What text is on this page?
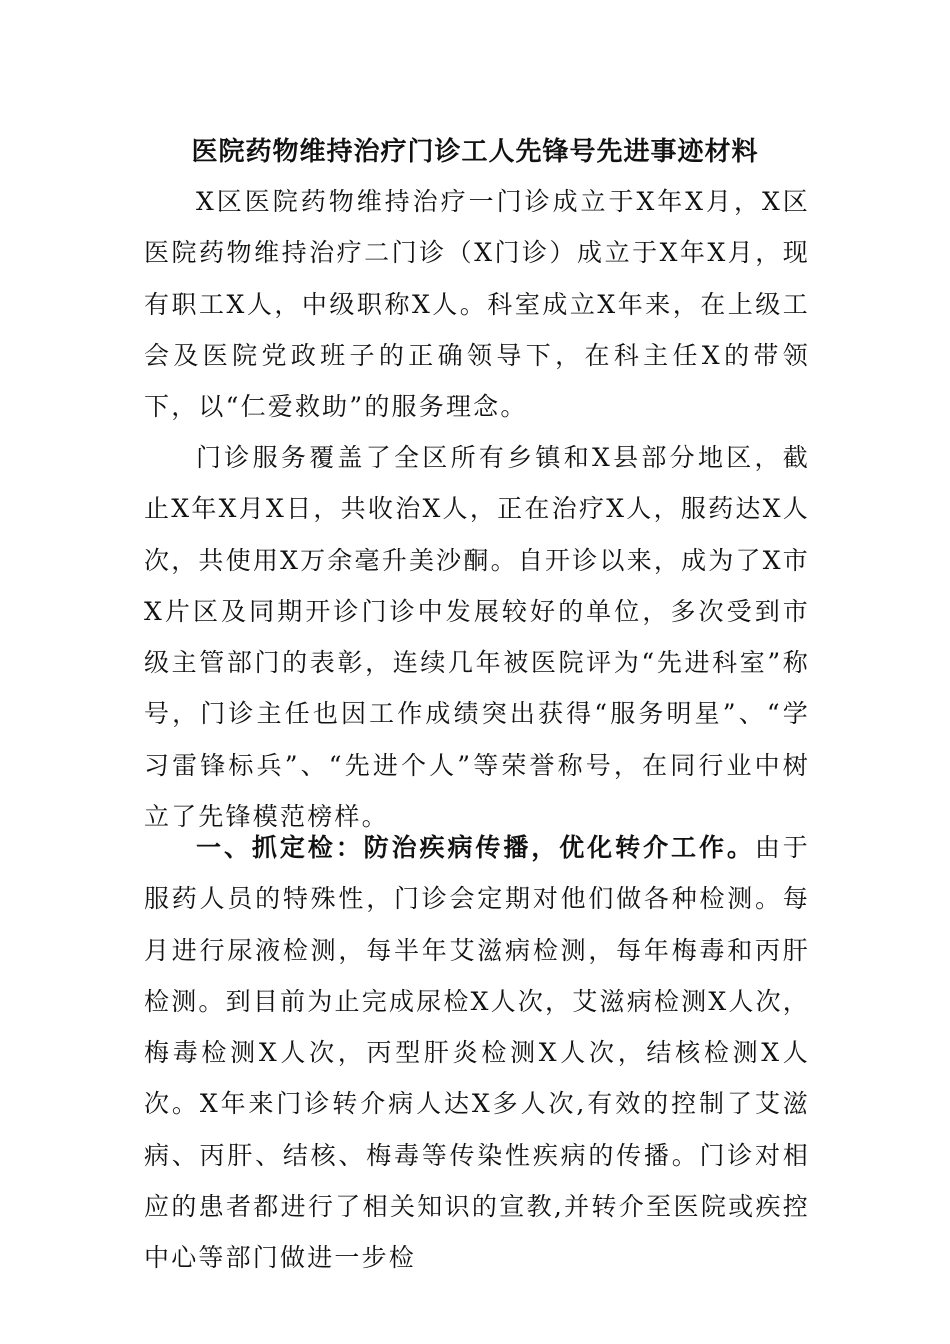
医院药物维持治疗门诊工人先锋号先进事迹材料

X区医院药物维持治疗一门诊成立于X年X月，X区医院药物维持治疗二门诊（X门诊）成立于X年X月，现有职工X人，中级职称X人。科室成立X年来，在上级工会及医院党政班子的正确领导下，在科主任X的带领下，以“仁爱救助”的服务理念。

门诊服务覆盖了全区所有乡镇和X县部分地区，截止X年X月X日，共收治X人，正在治疗X人，服药达X人次，共使用X万余毫升美沙酮。自开诊以来，成为了X市X片区及同期开诊门诊中发展较好的单位，多次受到市级主管部门的表彰，连续几年被医院评为“先进科室”称号，门诊主任也因工作成绩突出获得“服务明星”、“学习雷锋标兵”、“先进个人”等荣誉称号，在同行业中树立了先锋模范榜样。

一、抓定检：防治疾病传播，优化转介工作。由于服药人员的特殊性，门诊会定期对他们做各种检测。每月进行尿液检测，每半年艾滋病检测，每年梅毒和丙肝检测。到目前为止完成尿检X人次，艾滋病检测X人次，梅毒检测X人次，丙型肝炎检测X人次，结核检测X人次。X年来门诊转介病人达X多人次,有效的控制了艾滋病、丙肝、结核、梅毒等传染性疾病的传播。门诊对相应的患者都进行了相关知识的宣教,并转介至医院或疾控中心等部门做进一步检
